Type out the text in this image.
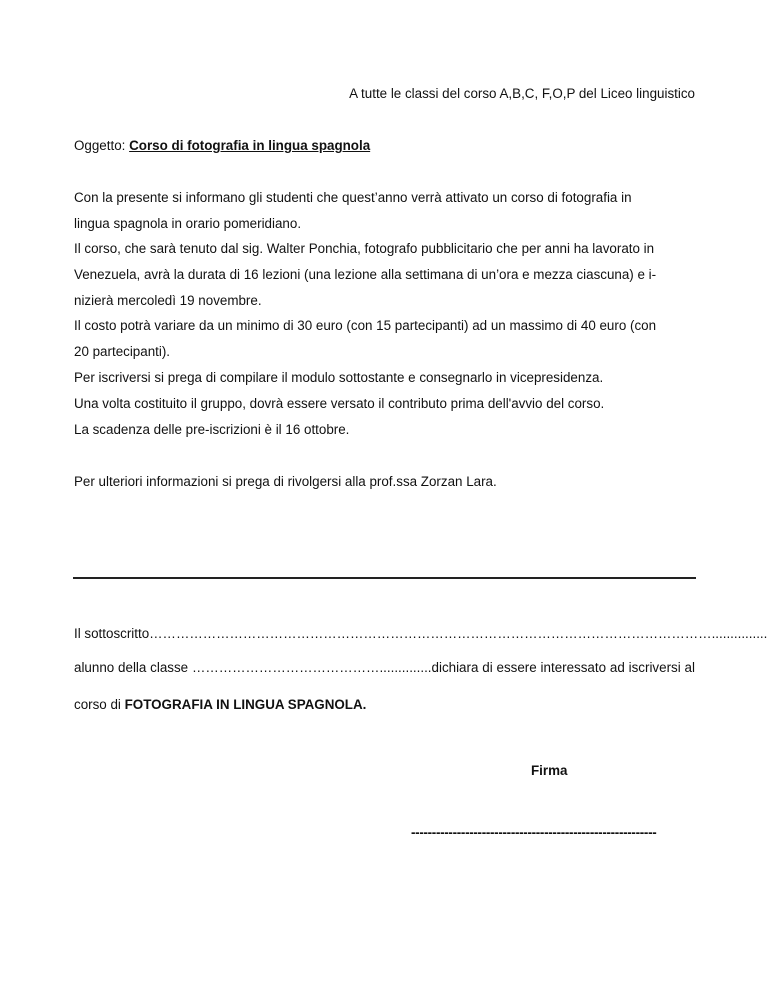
A tutte le classi del corso A,B,C, F,O,P del Liceo linguistico
Oggetto: Corso di fotografia in lingua spagnola
Con la presente si informano gli studenti che quest’anno verrà attivato un corso di fotografia in
lingua spagnola in orario pomeridiano.
Il corso, che sarà tenuto dal sig. Walter Ponchia, fotografo pubblicitario che per anni ha lavorato in
Venezuela, avrà la durata di 16 lezioni (una lezione alla settimana di un’ora e mezza ciascuna) e i-
nizierà mercoledì 19 novembre.
Il costo potrà variare da un minimo di 30 euro (con 15 partecipanti) ad un massimo di 40 euro (con
20 partecipanti).
Per iscriversi si prega di compilare il modulo sottostante e consegnarlo in vicepresidenza.
Una volta costituito il gruppo, dovrà essere versato il contributo prima dell'avvio del corso.
La scadenza delle pre-iscrizioni è il 16 ottobre.
Per ulteriori informazioni si prega di rivolgersi alla prof.ssa Zorzan Lara.
Il sottoscritto………………………………………………………………………………………………………………...............
alunno della classe ……………………………………..............dichiara di essere interessato ad iscriversi al
corso di FOTOGRAFIA IN LINGUA SPAGNOLA.
Firma
-----------------------------------------------------------
